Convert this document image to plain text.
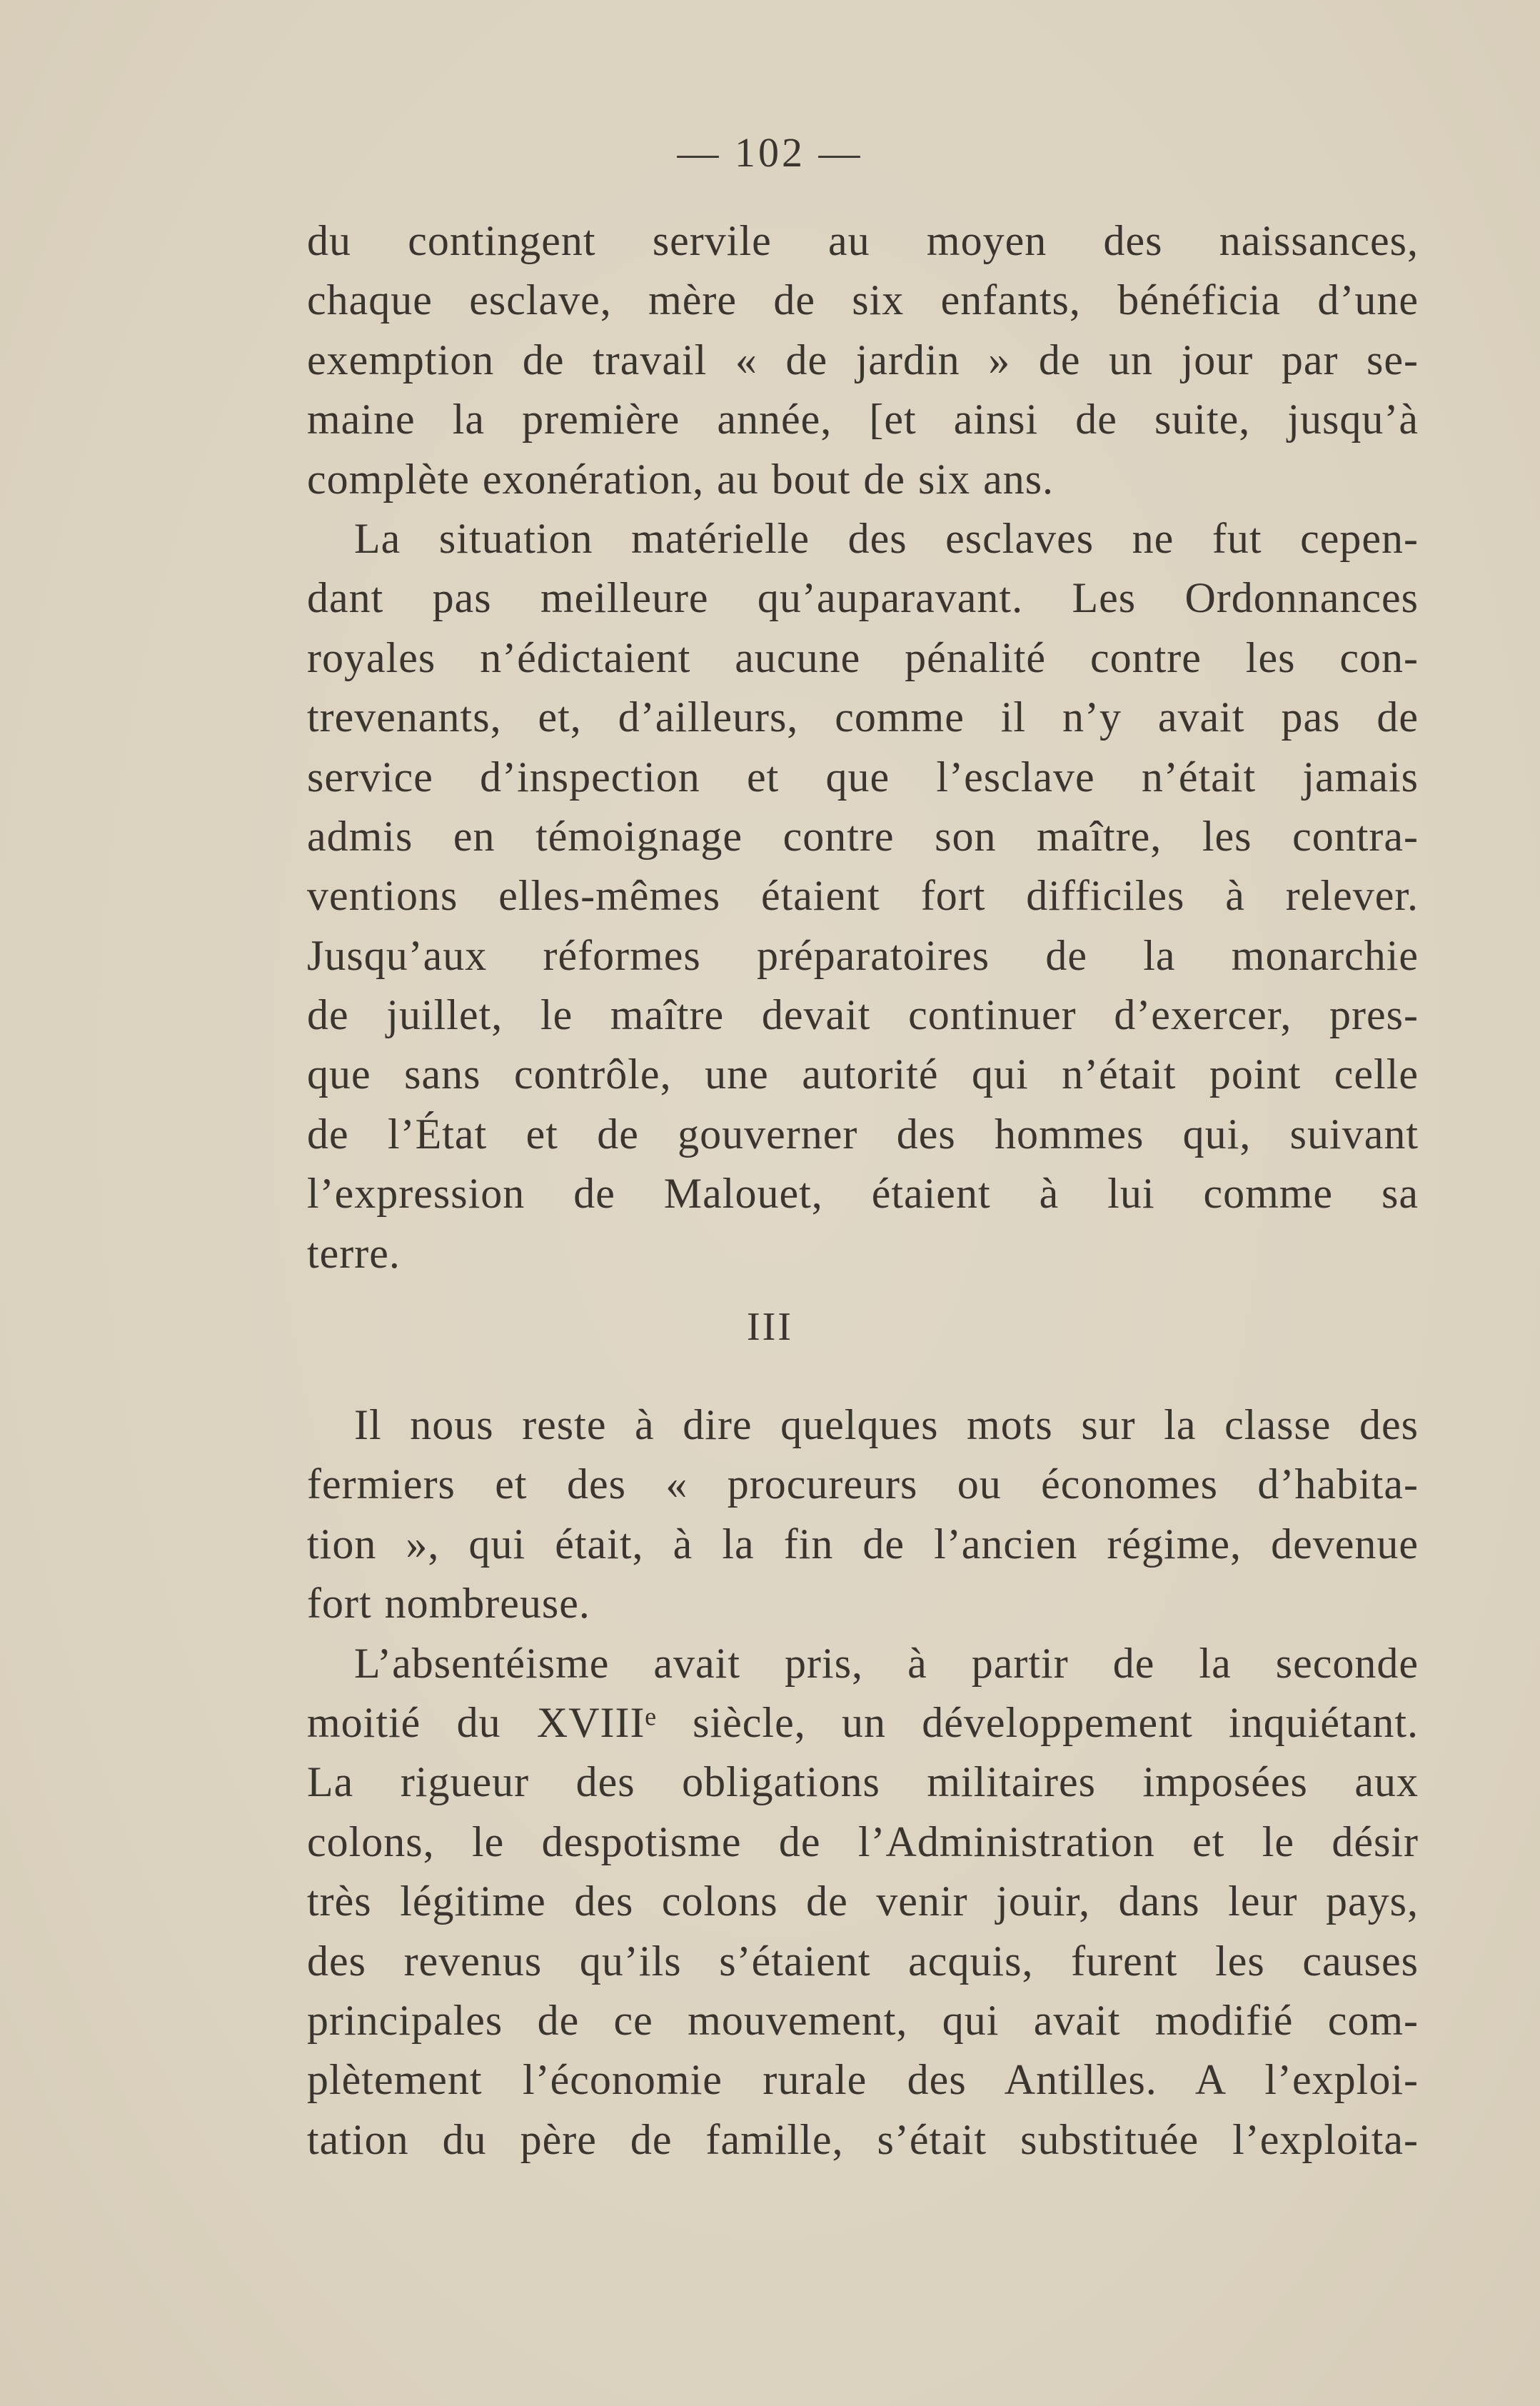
— 102 —
du contingent servile au moyen des naissances,
chaque esclave, mère de six enfants, bénéficia d’une
exemption de travail « de jardin » de un jour par se-
maine la première année, [et ainsi de suite, jusqu’à
complète exonération, au bout de six ans.
La situation matérielle des esclaves ne fut cepen-
dant pas meilleure qu’auparavant. Les Ordonnances
royales n’édictaient aucune pénalité contre les con-
trevenants, et, d’ailleurs, comme il n’y avait pas de
service d’inspection et que l’esclave n’était jamais
admis en témoignage contre son maître, les contra-
ventions elles-mêmes étaient fort difficiles à relever.
Jusqu’aux réformes préparatoires de la monarchie
de juillet, le maître devait continuer d’exercer, pres-
que sans contrôle, une autorité qui n’était point celle
de l’État et de gouverner des hommes qui, suivant
l’expression de Malouet, étaient à lui comme sa
terre.
III
Il nous reste à dire quelques mots sur la classe des
fermiers et des « procureurs ou économes d’habita-
tion », qui était, à la fin de l’ancien régime, devenue
fort nombreuse.
L’absentéisme avait pris, à partir de la seconde
moitié du XVIIIᵉ siècle, un développement inquiétant.
La rigueur des obligations militaires imposées aux
colons, le despotisme de l’Administration et le désir
très légitime des colons de venir jouir, dans leur pays,
des revenus qu’ils s’étaient acquis, furent les causes
principales de ce mouvement, qui avait modifié com-
plètement l’économie rurale des Antilles. A l’exploi-
tation du père de famille, s’était substituée l’exploita-
